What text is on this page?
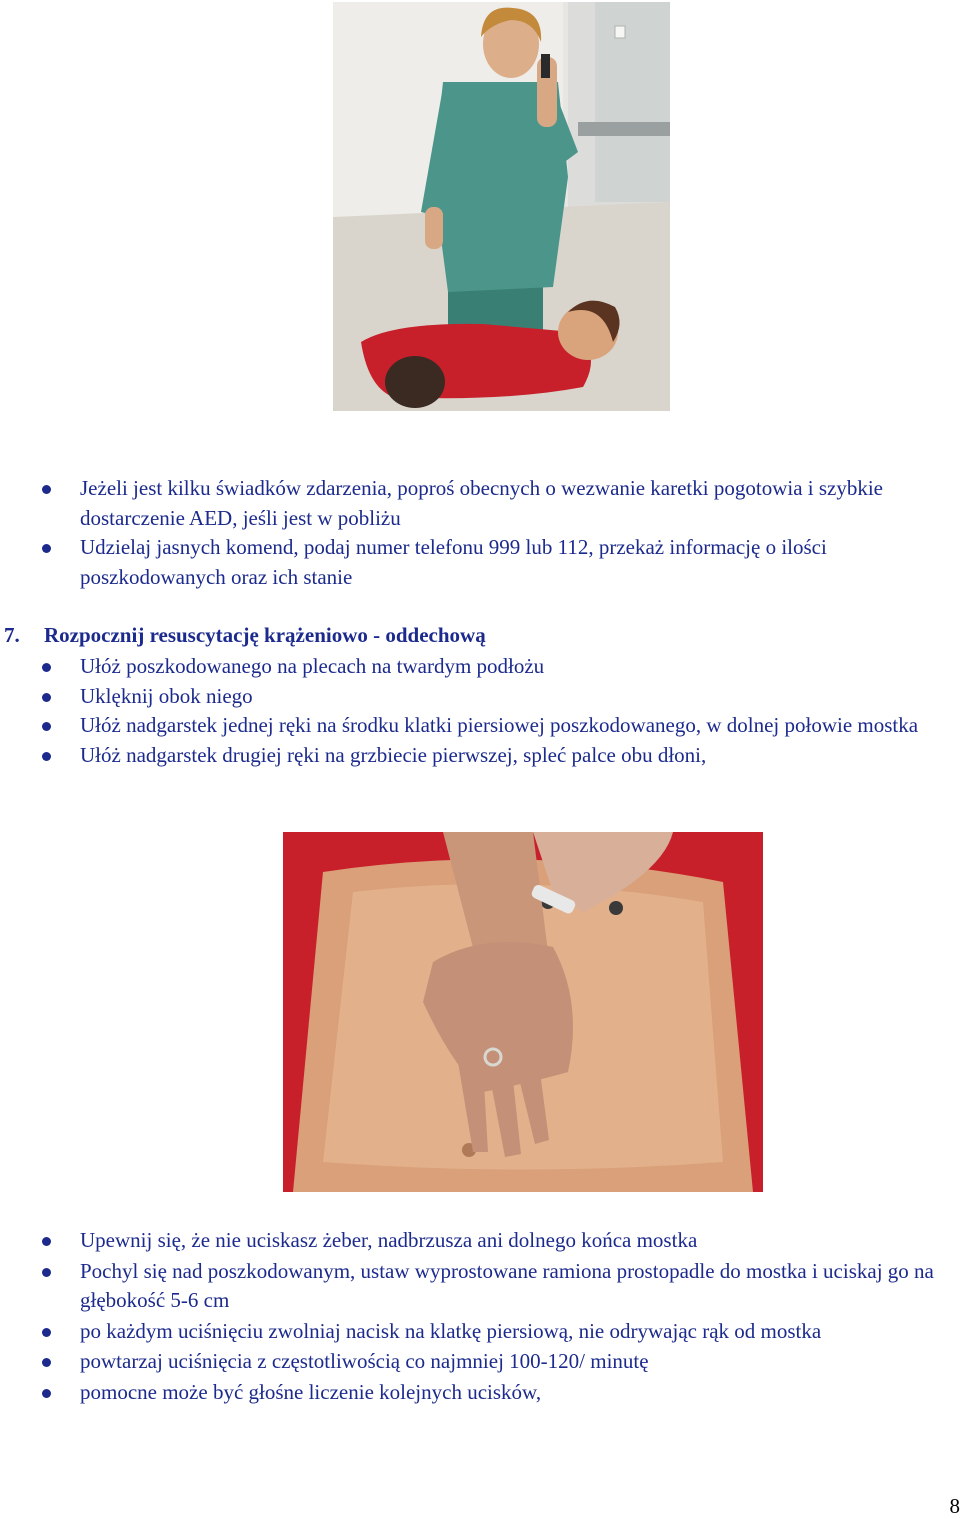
Jeżeli jest kilku świadków zdarzenia, poproś obecnych o wezwanie karetki pogotowia i szybkie dostarczenie AED, jeśli jest w pobliżu
Udzielaj jasnych komend, podaj numer telefonu 999 lub 112, przekaż informację o ilości poszkodowanych oraz ich stanie
7.	Rozpocznij resuscytację krążeniowo - oddechową
Ułóż poszkodowanego na plecach na twardym podłożu
Uklęknij obok niego
Ułóż nadgarstek jednej ręki na środku klatki piersiowej poszkodowanego, w dolnej połowie mostka
Ułóż nadgarstek drugiej ręki na grzbiecie pierwszej, spleć palce obu dłoni,
Upewnij się, że nie uciskasz żeber, nadbrzusza ani dolnego końca mostka
Pochyl się nad poszkodowanym, ustaw wyprostowane ramiona prostopadle do mostka i uciskaj go na głębokość 5-6 cm
po każdym uciśnięciu zwolniaj nacisk na klatkę piersiową, nie odrywając rąk od mostka
powtarzaj uciśnięcia z częstotliwością co najmniej 100-120/ minutę
pomocne może być głośne liczenie kolejnych ucisków,
8
